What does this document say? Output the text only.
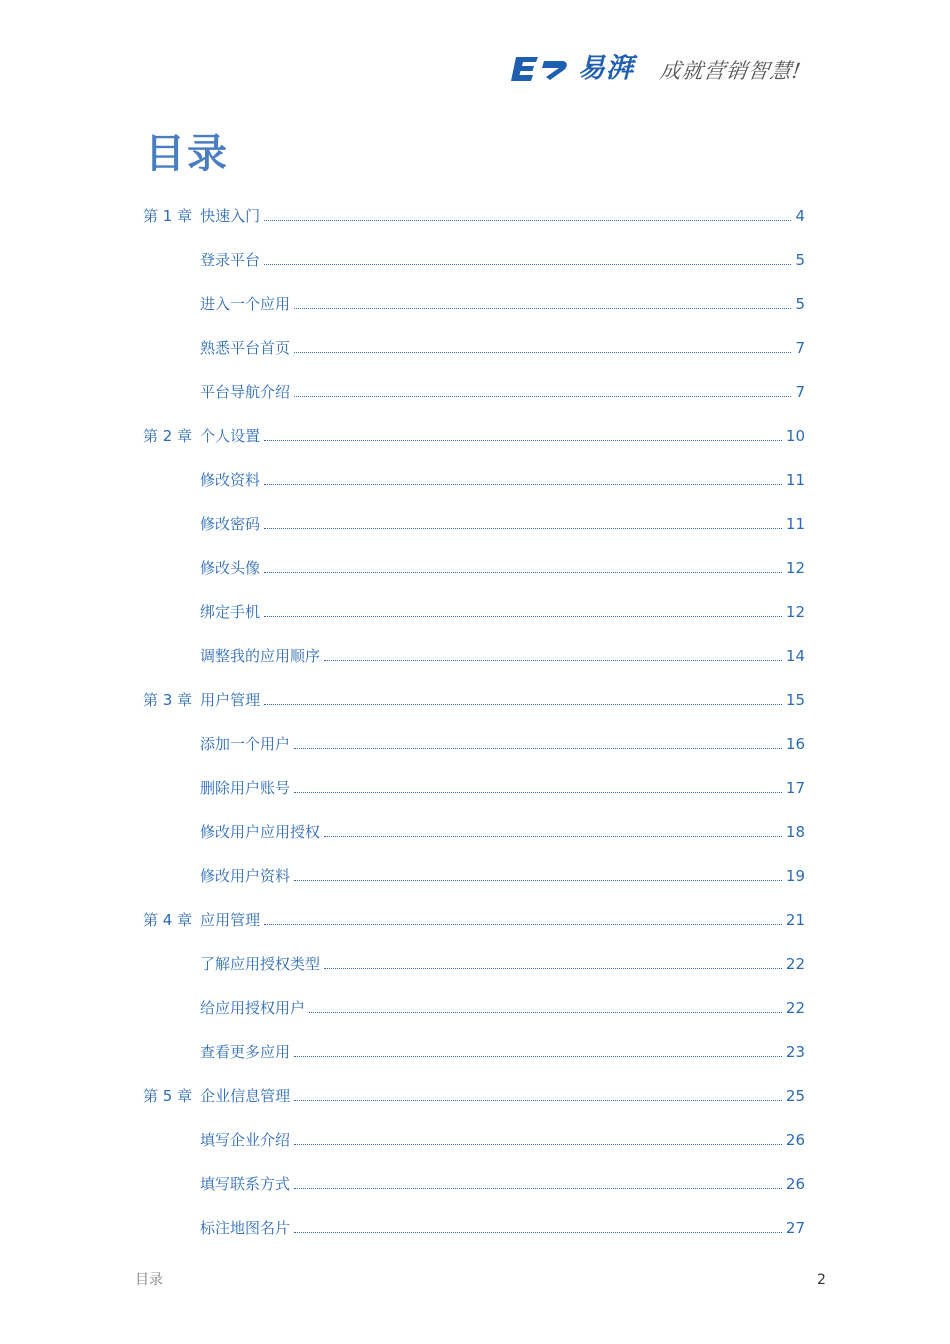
易湃 成就营销智慧!
目录
第 1 章 快速入门	4
登录平台	5
进入一个应用	5
熟悉平台首页	7
平台导航介绍	7
第 2 章 个人设置	10
修改资料	11
修改密码	11
修改头像	12
绑定手机	12
调整我的应用顺序	14
第 3 章 用户管理	15
添加一个用户	16
删除用户账号	17
修改用户应用授权	18
修改用户资料	19
第 4 章 应用管理	21
了解应用授权类型	22
给应用授权用户	22
查看更多应用	23
第 5 章 企业信息管理	25
填写企业介绍	26
填写联系方式	26
标注地图名片	27
目录	2
